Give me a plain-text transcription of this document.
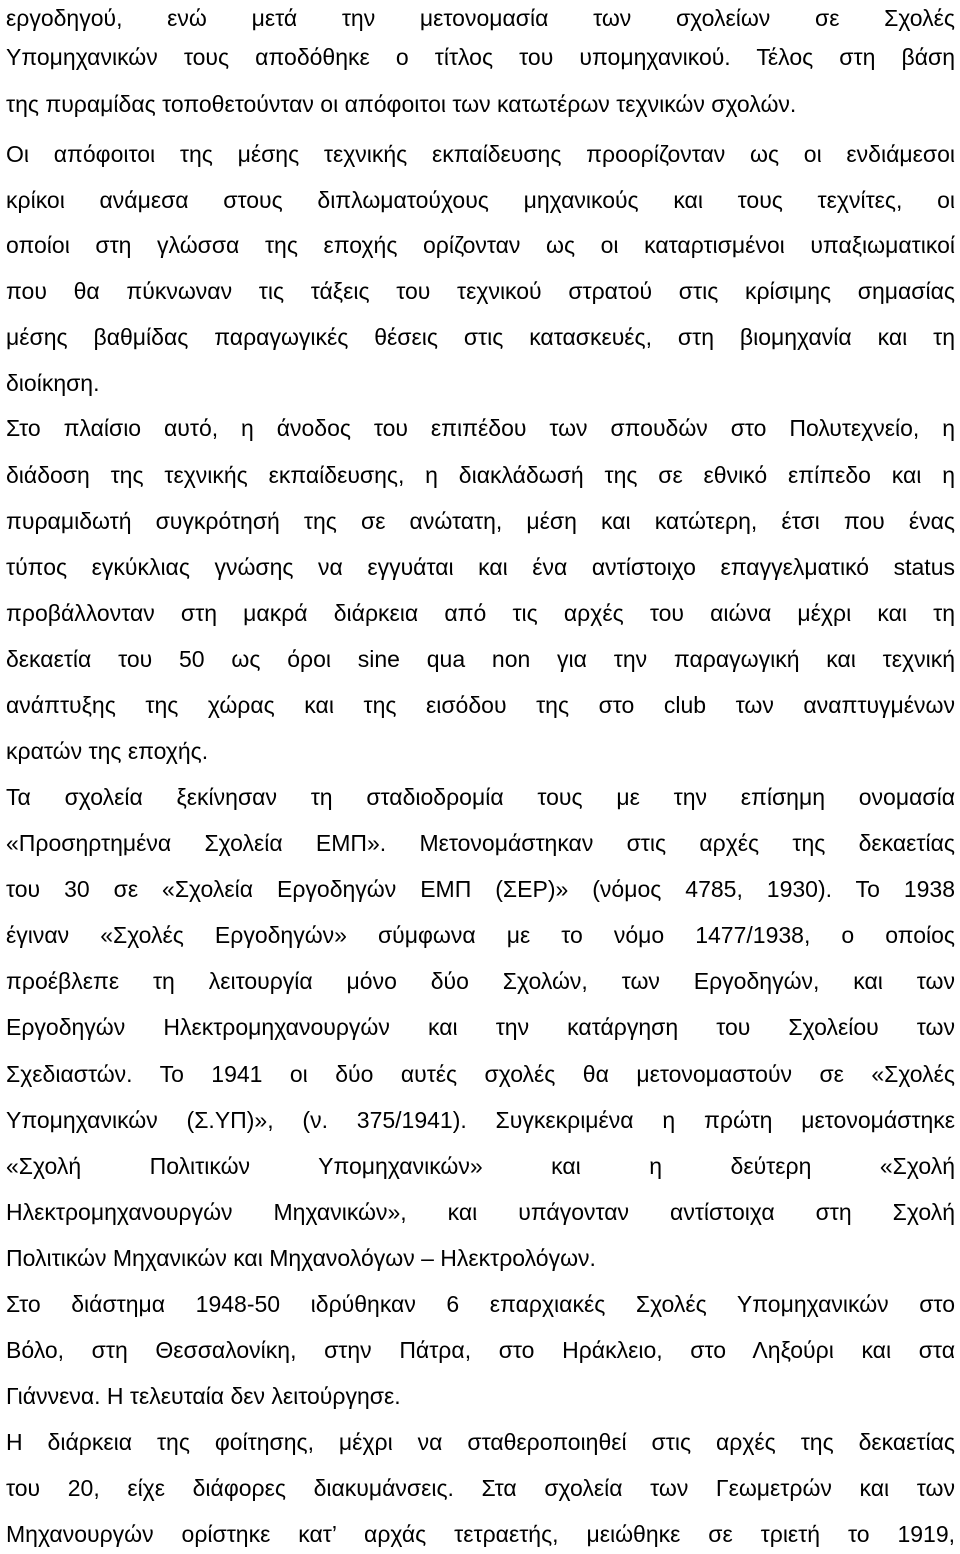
εργοδηγού, ενώ μετά την μετονομασία των σχολείων σε Σχολές
Υπομηχανικών τους αποδόθηκε ο τίτλος του υπομηχανικού. Τέλος στη βάση
της πυραμίδας τοποθετούνταν οι απόφοιτοι των κατωτέρων τεχνικών σχολών.
Οι απόφοιτοι της μέσης τεχνικής εκπαίδευσης προορίζονταν ως οι ενδιάμεσοι
κρίκοι ανάμεσα στους διπλωματούχους μηχανικούς και τους τεχνίτες, οι
οποίοι στη γλώσσα της εποχής ορίζονταν ως οι καταρτισμένοι υπαξιωματικοί
που θα πύκνωναν τις τάξεις του τεχνικού στρατού στις κρίσιμης σημασίας
μέσης βαθμίδας παραγωγικές θέσεις στις κατασκευές, στη βιομηχανία και τη
διοίκηση.
Στο πλαίσιο αυτό, η άνοδος του επιπέδου των σπουδών στο Πολυτεχνείο, η
διάδοση της τεχνικής εκπαίδευσης, η διακλάδωσή της σε εθνικό επίπεδο και η
πυραμιδωτή συγκρότησή της σε ανώτατη, μέση και κατώτερη, έτσι που ένας
τύπος εγκύκλιας γνώσης να εγγυάται και ένα αντίστοιχο επαγγελματικό status
προβάλλονταν στη μακρά διάρκεια από τις αρχές του αιώνα μέχρι και τη
δεκαετία του 50 ως όροι sine qua non για την παραγωγική και τεχνική
ανάπτυξης της χώρας και της εισόδου της στο club των αναπτυγμένων
κρατών της εποχής.
Τα σχολεία ξεκίνησαν τη σταδιοδρομία τους με την επίσημη ονομασία
«Προσηρτημένα Σχολεία ΕΜΠ». Μετονομάστηκαν στις αρχές της δεκαετίας
του 30 σε «Σχολεία Εργοδηγών ΕΜΠ (ΣΕΡ)» (νόμος 4785, 1930). Το 1938
έγιναν «Σχολές Εργοδηγών» σύμφωνα με το νόμο 1477/1938, ο οποίος
προέβλεπε τη λειτουργία μόνο δύο Σχολών, των Εργοδηγών, και των
Εργοδηγών Ηλεκτρομηχανουργών και την κατάργηση του Σχολείου των
Σχεδιαστών. Το 1941 οι δύο αυτές σχολές θα μετονομαστούν σε «Σχολές
Υπομηχανικών (Σ.ΥΠ)», (ν. 375/1941). Συγκεκριμένα η πρώτη μετονομάστηκε
«Σχολή Πολιτικών Υπομηχανικών» και η δεύτερη «Σχολή
Ηλεκτρομηχανουργών Μηχανικών», και υπάγονταν αντίστοιχα στη Σχολή
Πολιτικών Μηχανικών και Μηχανολόγων – Ηλεκτρολόγων.
Στο διάστημα 1948-50 ιδρύθηκαν 6 επαρχιακές Σχολές Υπομηχανικών στο
Βόλο, στη Θεσσαλονίκη, στην Πάτρα, στο Ηράκλειο, στο Ληξούρι και στα
Γιάννενα. Η τελευταία δεν λειτούργησε.
Η διάρκεια της φοίτησης, μέχρι να σταθεροποιηθεί στις αρχές της δεκαετίας
του 20, είχε διάφορες διακυμάνσεις. Στα σχολεία των Γεωμετρών και των
Μηχανουργών ορίστηκε κατ’ αρχάς τετραετής, μειώθηκε σε τριετή το 1919,
